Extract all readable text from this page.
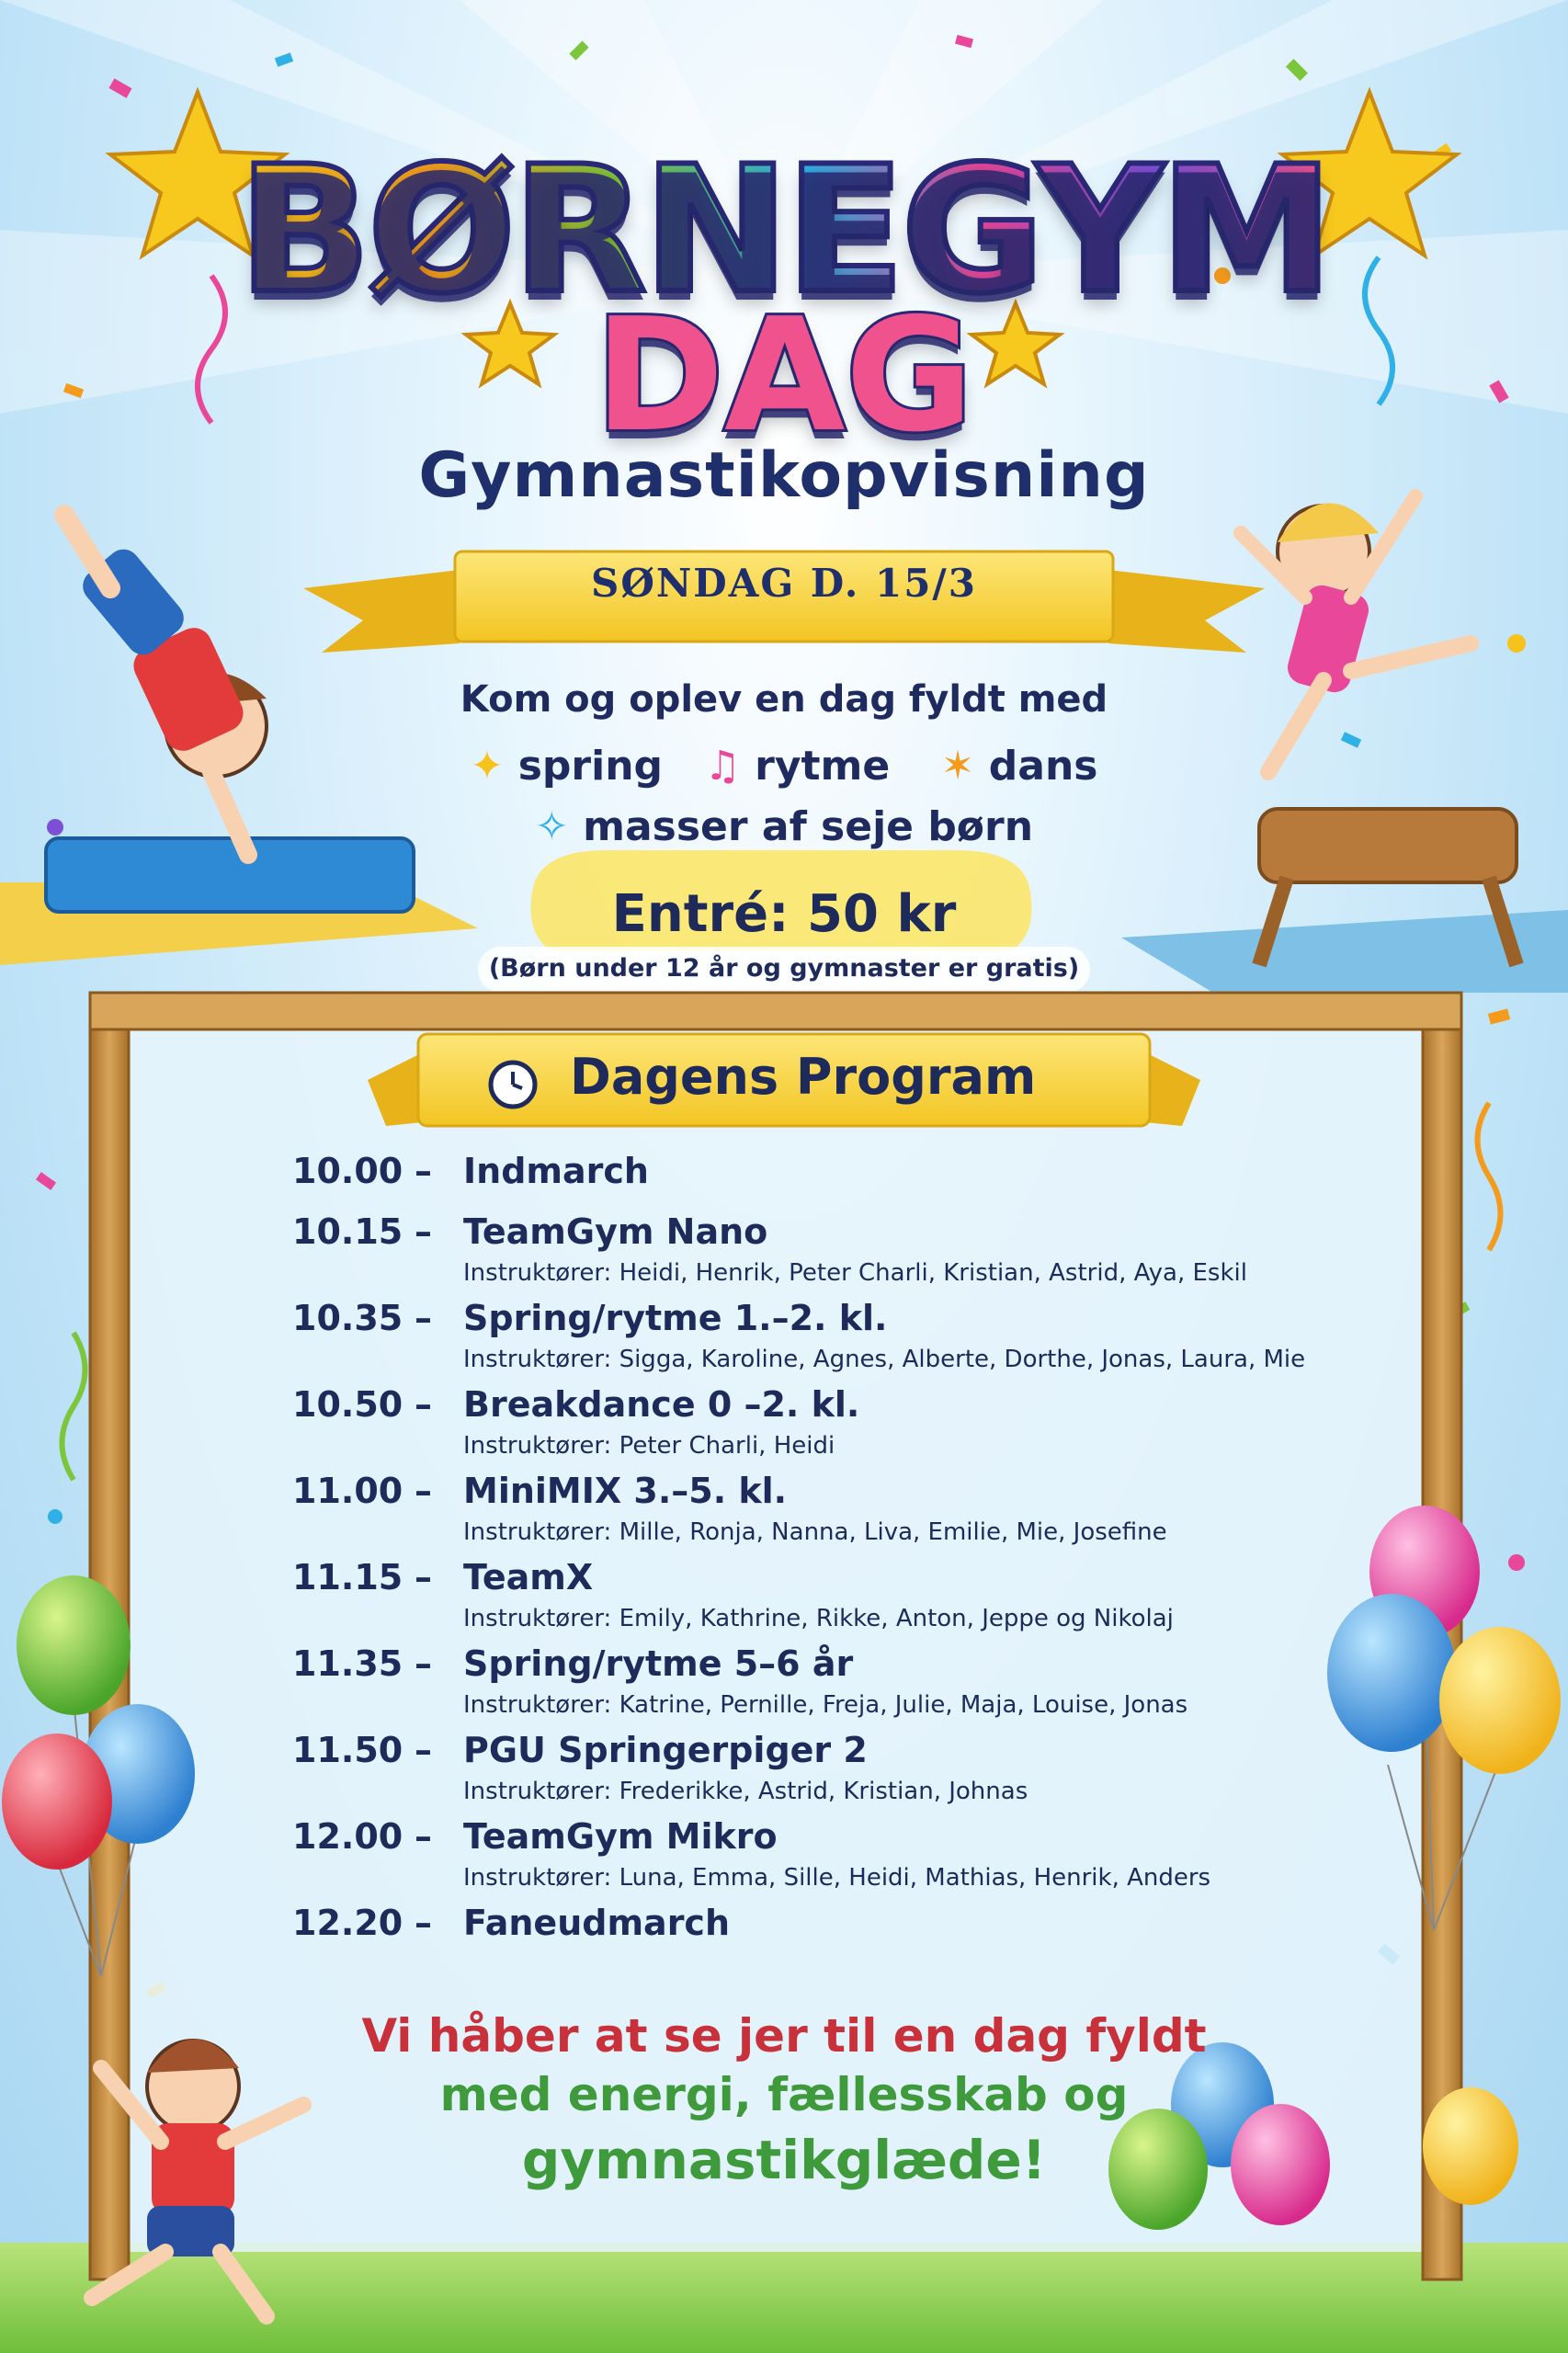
BØRNEGYM
DAG
Gymnastikopvisning
SØNDAG D. 15/3
Kom og oplev en dag fyldt med
✦ spring ♫ rytme ✶ dans
✧ masser af seje børn
Entré: 50 kr
(Børn under 12 år og gymnaster er gratis)
Dagens Program
10.00 – Indmarch
10.15 – TeamGym Nano
Instruktører: Heidi, Henrik, Peter Charli, Kristian, Astrid, Aya, Eskil
10.35 – Spring/rytme 1.–2. kl.
Instruktører: Sigga, Karoline, Agnes, Alberte, Dorthe, Jonas, Laura, Mie
10.50 – Breakdance 0 –2. kl.
Instruktører: Peter Charli, Heidi
11.00 – MiniMIX 3.–5. kl.
Instruktører: Mille, Ronja, Nanna, Liva, Emilie, Mie, Josefine
11.15 – TeamX
Instruktører: Emily, Kathrine, Rikke, Anton, Jeppe og Nikolaj
11.35 – Spring/rytme 5–6 år
Instruktører: Katrine, Pernille, Freja, Julie, Maja, Louise, Jonas
11.50 – PGU Springerpiger 2
Instruktører: Frederikke, Astrid, Kristian, Johnas
12.00 – TeamGym Mikro
Instruktører: Luna, Emma, Sille, Heidi, Mathias, Henrik, Anders
12.20 – Faneudmarch
Vi håber at se jer til en dag fyldt
med energi, fællesskab og
gymnastikglæde!
